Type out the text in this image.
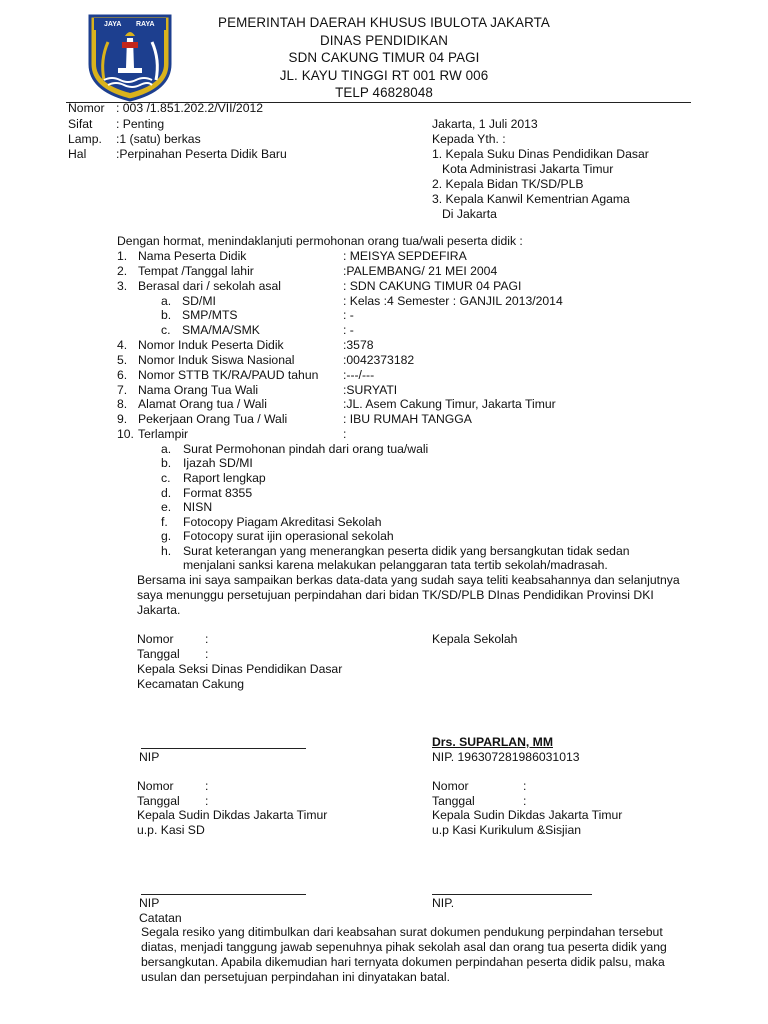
JAYA RAYA	PEMERINTAH DAERAH KHUSUS IBULOTA JAKARTA
DINAS PENDIDIKAN
SDN CAKUNG TIMUR 04 PAGI
JL. KAYU TINGGI RT 001 RW 006
TELP 46828048
Nomor : 003 /1.851.202.2/VII/2012
Sifat : Penting
Lamp. :1 (satu) berkas
Hal :Perpinahan Peserta Didik Baru
Jakarta, 1 Juli 2013
Kepada Yth. :
1. Kepala Suku Dinas Pendidikan Dasar
Kota Administrasi Jakarta Timur
2. Kepala Bidan TK/SD/PLB
3. Kepala Kanwil Kementrian Agama
Di Jakarta
Dengan hormat, menindaklanjuti permohonan orang tua/wali peserta didik :
1. Nama Peserta Didik	: MEISYA SEPDEFIRA
2. Tempat /Tanggal lahir	:PALEMBANG/ 21 MEI 2004
3. Berasal dari / sekolah asal	: SDN CAKUNG TIMUR 04 PAGI
a. SD/MI	: Kelas :4 Semester : GANJIL 2013/2014
b. SMP/MTS	: -
c. SMA/MA/SMK	: -
4. Nomor Induk Peserta Didik	:3578
5. Nomor Induk Siswa Nasional	:0042373182
6. Nomor STTB TK/RA/PAUD tahun :---/---
7. Nama Orang Tua Wali	:SURYATI
8. Alamat Orang tua / Wali	:JL. Asem Cakung Timur, Jakarta Timur
9. Pekerjaan Orang Tua / Wali	: IBU RUMAH TANGGA
10. Terlampir	:
a. Surat Permohonan pindah dari orang tua/wali
b. Ijazah SD/MI
c. Raport lengkap
d. Format 8355
e. NISN
f. Fotocopy Piagam Akreditasi Sekolah
g. Fotocopy surat ijin operasional sekolah
h. Surat keterangan yang menerangkan peserta didik yang bersangkutan tidak sedan
menjalani sanksi karena melakukan pelanggaran tata tertib sekolah/madrasah.
Bersama ini saya sampaikan berkas data-data yang sudah saya teliti keabsahannya dan selanjutnya
saya menunggu persetujuan perpindahan dari bidan TK/SD/PLB DInas Pendidikan Provinsi DKI
Jakarta.
Nomor	:
Tanggal :
Kepala Seksi Dinas Pendidikan Dasar
Kecamatan Cakung
Kepala Sekolah
Drs. SUPARLAN, MM
NIP	NIP. 196307281986031013
Nomor	:
Tanggal :
Kepala Sudin Dikdas Jakarta Timur
u.p. Kasi SD
Nomor	:
Tanggal	:
Kepala Sudin Dikdas Jakarta Timur
u.p Kasi Kurikulum &Sisjian
NIP	NIP.
Catatan
Segala resiko yang ditimbulkan dari keabsahan surat dokumen pendukung perpindahan tersebut
diatas, menjadi tanggung jawab sepenuhnya pihak sekolah asal dan orang tua peserta didik yang
bersangkutan. Apabila dikemudian hari ternyata dokumen perpindahan peserta didik palsu, maka
usulan dan persetujuan perpindahan ini dinyatakan batal.
